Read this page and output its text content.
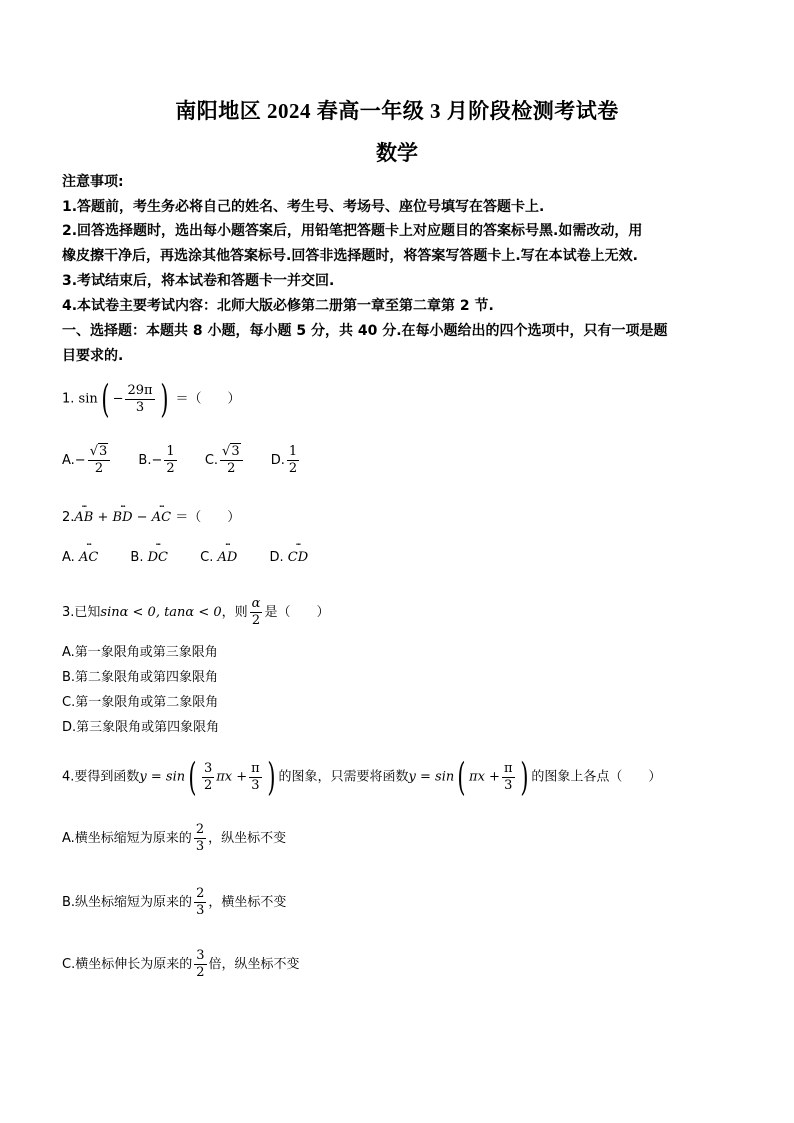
南阳地区 2024 春高一年级 3 月阶段检测考试卷
数学
注意事项:
1.答题前，考生务必将自己的姓名、考生号、考场号、座位号填写在答题卡上.
2.回答选择题时，选出每小题答案后，用铅笔把答题卡上对应题目的答案标号黑.如需改动，用
橡皮擦干净后，再选涂其他答案标号.回答非选择题时，将答案写答题卡上.写在本试卷上无效.
3.考试结束后，将本试卷和答题卡一并交回.
4.本试卷主要考试内容：北师大版必修第二册第一章至第二章第 2 节.
一、选择题：本题共 8 小题，每小题 5 分，共 40 分.在每小题给出的四个选项中，只有一项是题
目要求的.
1. $\sin( - \frac{29\pi}{3}$ ) ＝（　　）
A. − $\frac{√3}{2}$
B. − $\frac{1}{2}$
C. $\frac{√3}{2}$
D. $\frac{1}{2}$
2.ꞏꞏꞏ AB + ꞏꞏꞏ BD − ꞏꞏꞏ AC ＝（　　）
A. ꞏꞏꞏ AC B. ꞏꞏꞏ DC C. ꞏꞏꞏ AD D. ꞏꞏꞏ CD
3.已知sinα < 0, tanα < 0，则 $\frac{\alpha}{2}$ 是（　　）
A.第一象限角或第三象限角
B.第二象限角或第四象限角
C.第一象限角或第二象限角
D.第三象限角或第四象限角
4.要得到函数$y = \sin( \frac{3}{2}$ $\pi x + \frac{\pi}{3}$ ) 的图象，只需要将函数y = sin( $\pi x + \frac{\pi}{3}$ ) 的图象上各点（　　）
A.横坐标缩短为原来的 $\frac{2}{3}$ ，纵坐标不变
B.纵坐标缩短为原来的 $\frac{2}{3}$ ，横坐标不变
C.横坐标伸长为原来的 $\frac{3}{2}$ 倍，纵坐标不变
